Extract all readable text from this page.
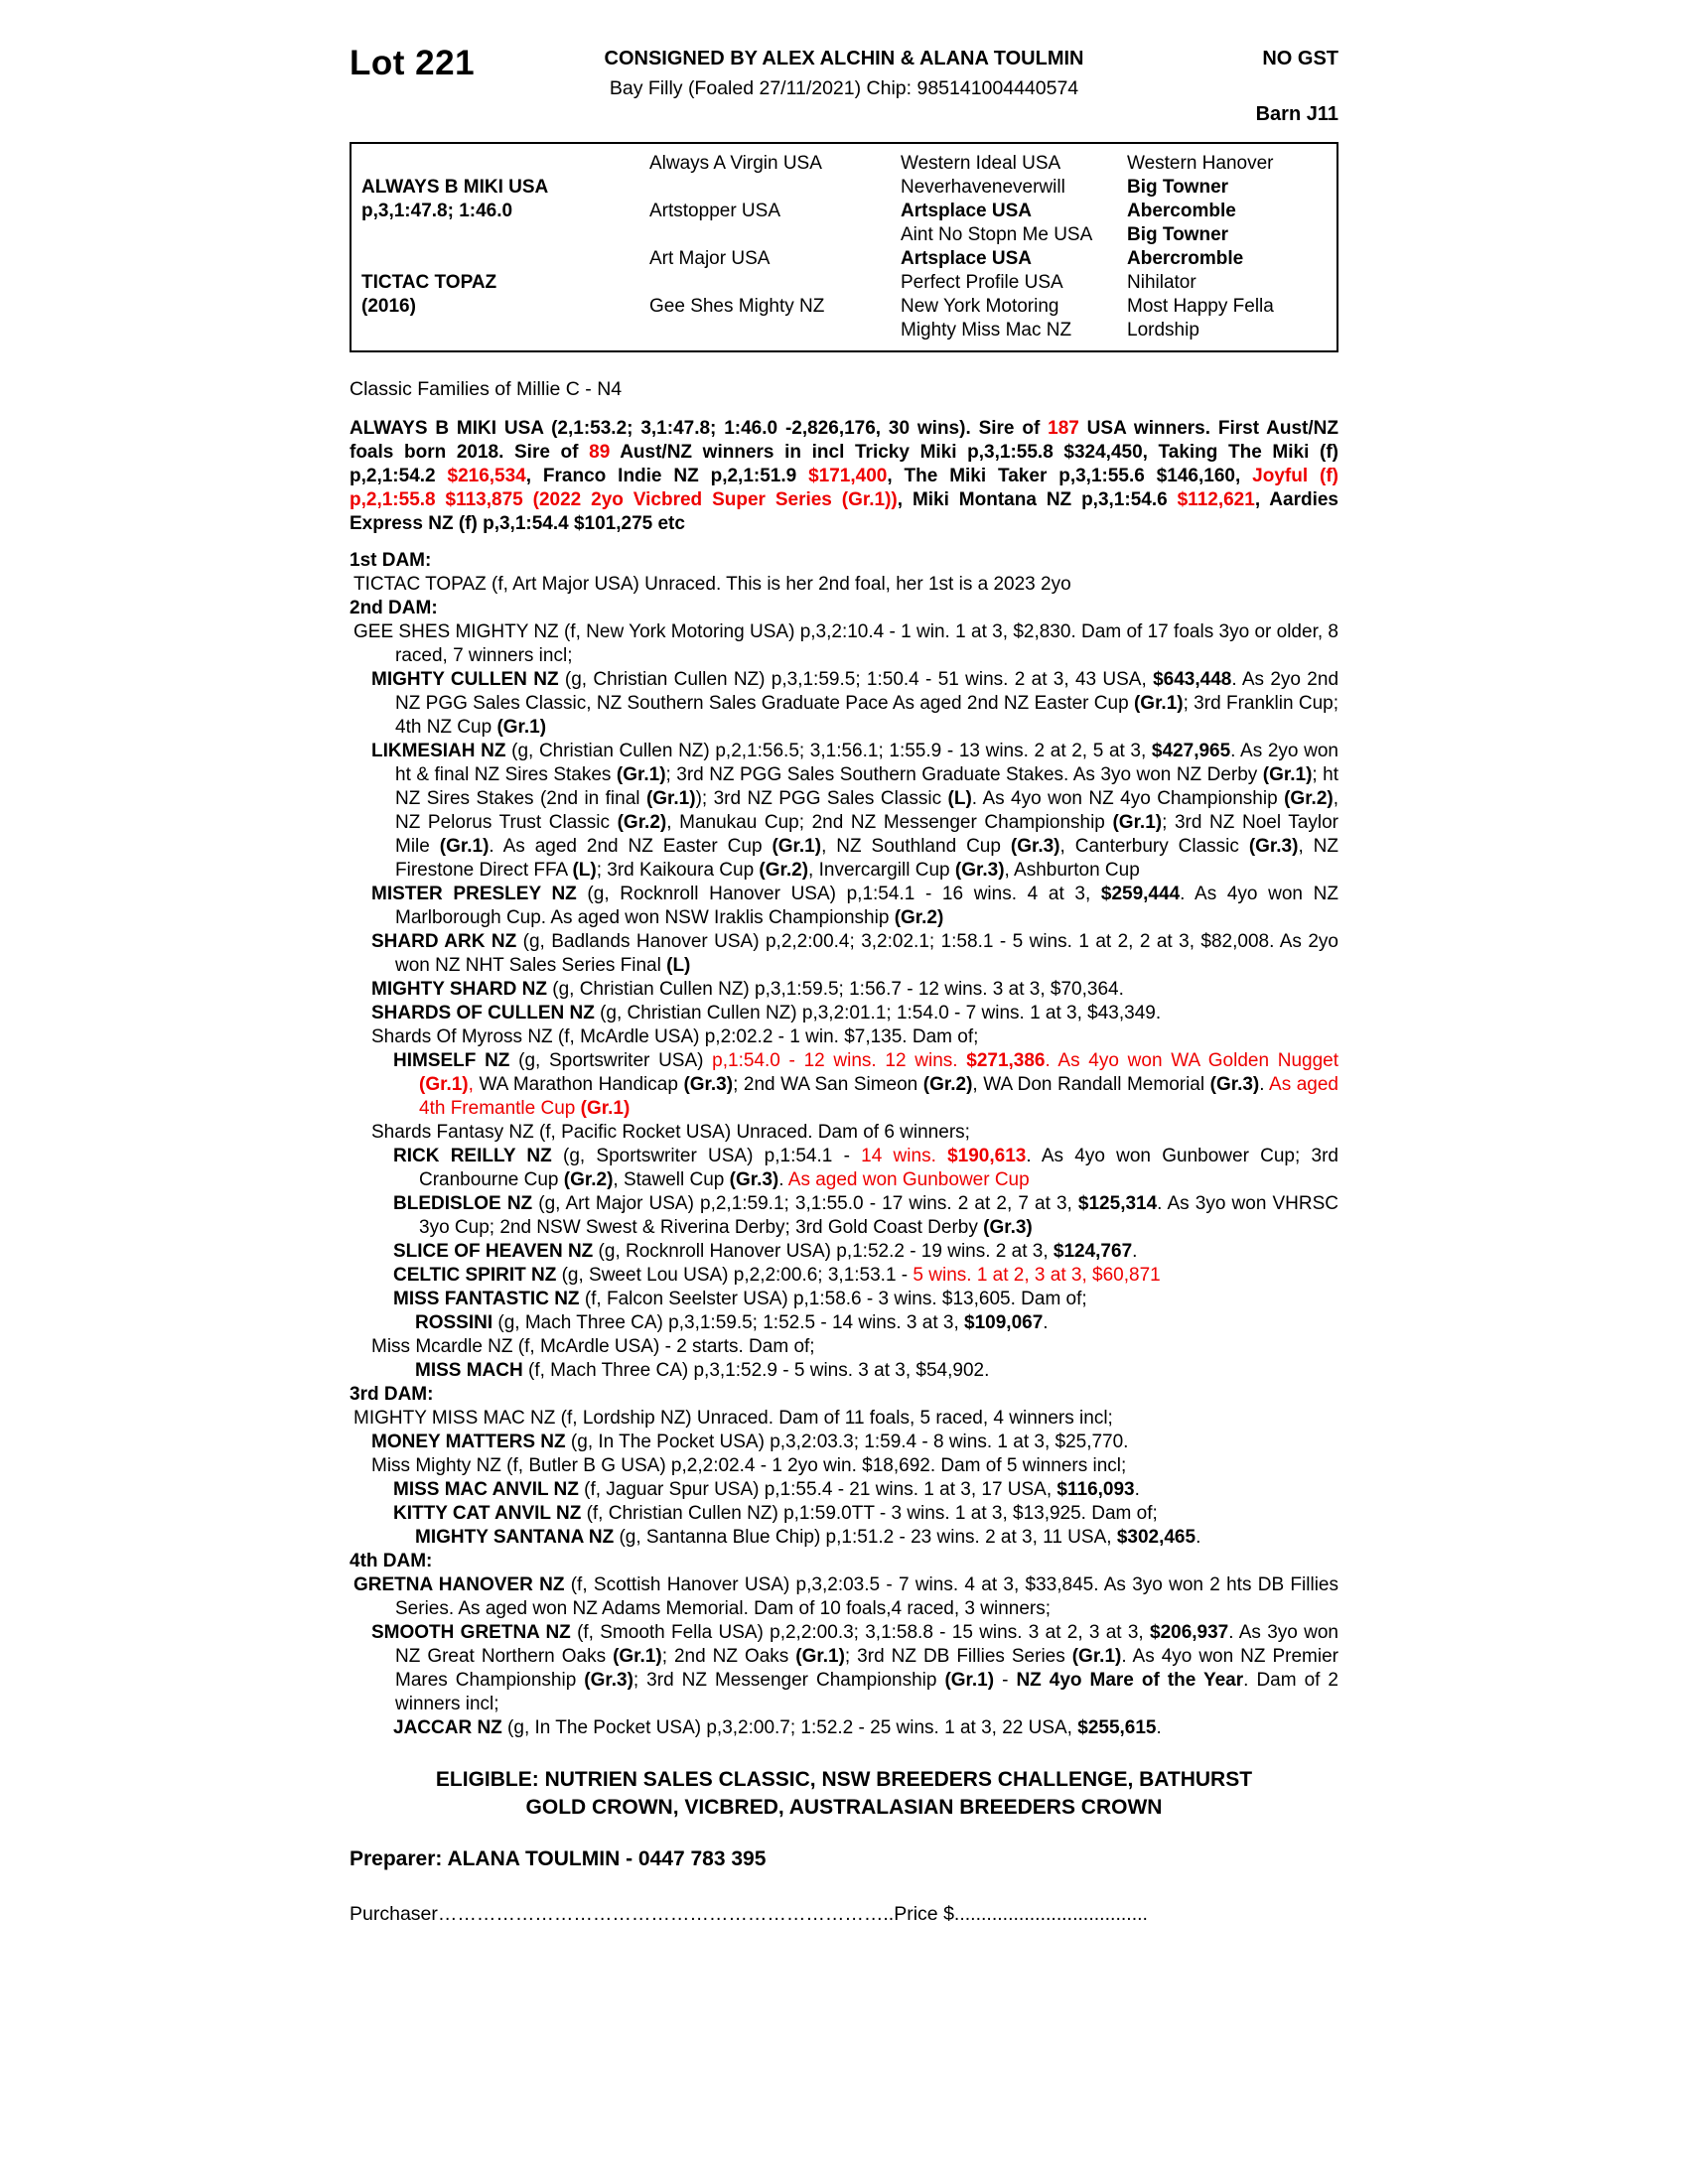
Lot 221	CONSIGNED BY ALEX ALCHIN & ALANA TOULMIN
Bay Filly (Foaled 27/11/2021) Chip: 985141004440574
NO GST
Barn J11
ALWAYS B MIKI USA
p,3,1:47.8; 1:46.0
TICTAC TOPAZ
(2016)
Always A Virgin USA
Artstopper USA
Art Major USA
Gee Shes Mighty NZ
Western Ideal USA
Neverhaveneverwill
Artsplace USA
Aint No Stopn Me USA
Artsplace USA
Perfect Profile USA
New York Motoring
Mighty Miss Mac NZ
Western Hanover
Big Towner
Abercomble
Big Towner
Abercromble
Nihilator
Most Happy Fella
Lordship
Classic Families of Millie C - N4
ALWAYS B MIKI USA (2,1:53.2; 3,1:47.8; 1:46.0 -2,826,176, 30 wins). Sire of 187 USA winners. First Aust/NZ foals born 2018. Sire of 89 Aust/NZ winners in incl Tricky Miki p,3,1:55.8 $324,450, Taking The Miki (f) p,2,1:54.2 $216,534, Franco Indie NZ p,2,1:51.9 $171,400, The Miki Taker p,3,1:55.6 $146,160, Joyful (f) p,2,1:55.8 $113,875 (2022 2yo Vicbred Super Series (Gr.1)), Miki Montana NZ p,3,1:54.6 $112,621, Aardies Express NZ (f) p,3,1:54.4 $101,275 etc
1st DAM:
TICTAC TOPAZ (f, Art Major USA) Unraced. This is her 2nd foal, her 1st is a 2023 2yo
2nd DAM:
GEE SHES MIGHTY NZ (f, New York Motoring USA) p,3,2:10.4 - 1 win. 1 at 3, $2,830. Dam of 17 foals 3yo or older, 8 raced, 7 winners incl;
MIGHTY CULLEN NZ (g, Christian Cullen NZ) p,3,1:59.5; 1:50.4 - 51 wins. 2 at 3, 43 USA, $643,448. As 2yo 2nd NZ PGG Sales Classic, NZ Southern Sales Graduate Pace As aged 2nd NZ Easter Cup (Gr.1); 3rd Franklin Cup; 4th NZ Cup (Gr.1)
LIKMESIAH NZ (g, Christian Cullen NZ) p,2,1:56.5; 3,1:56.1; 1:55.9 - 13 wins. 2 at 2, 5 at 3, $427,965. As 2yo won ht & final NZ Sires Stakes (Gr.1); 3rd NZ PGG Sales Southern Graduate Stakes. As 3yo won NZ Derby (Gr.1); ht NZ Sires Stakes (2nd in final (Gr.1)); 3rd NZ PGG Sales Classic (L). As 4yo won NZ 4yo Championship (Gr.2), NZ Pelorus Trust Classic (Gr.2), Manukau Cup; 2nd NZ Messenger Championship (Gr.1); 3rd NZ Noel Taylor Mile (Gr.1). As aged 2nd NZ Easter Cup (Gr.1), NZ Southland Cup (Gr.3), Canterbury Classic (Gr.3), NZ Firestone Direct FFA (L); 3rd Kaikoura Cup (Gr.2), Invercargill Cup (Gr.3), Ashburton Cup
MISTER PRESLEY NZ (g, Rocknroll Hanover USA) p,1:54.1 - 16 wins. 4 at 3, $259,444. As 4yo won NZ Marlborough Cup. As aged won NSW Iraklis Championship (Gr.2)
SHARD ARK NZ (g, Badlands Hanover USA) p,2,2:00.4; 3,2:02.1; 1:58.1 - 5 wins. 1 at 2, 2 at 3, $82,008. As 2yo won NZ NHT Sales Series Final (L)
MIGHTY SHARD NZ (g, Christian Cullen NZ) p,3,1:59.5; 1:56.7 - 12 wins. 3 at 3, $70,364.
SHARDS OF CULLEN NZ (g, Christian Cullen NZ) p,3,2:01.1; 1:54.0 - 7 wins. 1 at 3, $43,349.
Shards Of Myross NZ (f, McArdle USA) p,2:02.2 - 1 win. $7,135. Dam of;
HIMSELF NZ (g, Sportswriter USA) p,1:54.0 - 12 wins. 12 wins. $271,386. As 4yo won WA Golden Nugget (Gr.1), WA Marathon Handicap (Gr.3); 2nd WA San Simeon (Gr.2), WA Don Randall Memorial (Gr.3). As aged 4th Fremantle Cup (Gr.1)
Shards Fantasy NZ (f, Pacific Rocket USA) Unraced. Dam of 6 winners;
RICK REILLY NZ (g, Sportswriter USA) p,1:54.1 - 14 wins. $190,613. As 4yo won Gunbower Cup; 3rd Cranbourne Cup (Gr.2), Stawell Cup (Gr.3). As aged won Gunbower Cup
BLEDISLOE NZ (g, Art Major USA) p,2,1:59.1; 3,1:55.0 - 17 wins. 2 at 2, 7 at 3, $125,314. As 3yo won VHRSC 3yo Cup; 2nd NSW Swest & Riverina Derby; 3rd Gold Coast Derby (Gr.3)
SLICE OF HEAVEN NZ (g, Rocknroll Hanover USA) p,1:52.2 - 19 wins. 2 at 3, $124,767.
CELTIC SPIRIT NZ (g, Sweet Lou USA) p,2,2:00.6; 3,1:53.1 - 5 wins. 1 at 2, 3 at 3, $60,871
MISS FANTASTIC NZ (f, Falcon Seelster USA) p,1:58.6 - 3 wins. $13,605. Dam of;
ROSSINI (g, Mach Three CA) p,3,1:59.5; 1:52.5 - 14 wins. 3 at 3, $109,067.
Miss Mcardle NZ (f, McArdle USA) - 2 starts. Dam of;
MISS MACH (f, Mach Three CA) p,3,1:52.9 - 5 wins. 3 at 3, $54,902.
3rd DAM:
MIGHTY MISS MAC NZ (f, Lordship NZ) Unraced. Dam of 11 foals, 5 raced, 4 winners incl;
MONEY MATTERS NZ (g, In The Pocket USA) p,3,2:03.3; 1:59.4 - 8 wins. 1 at 3, $25,770.
Miss Mighty NZ (f, Butler B G USA) p,2,2:02.4 - 1 2yo win. $18,692. Dam of 5 winners incl;
MISS MAC ANVIL NZ (f, Jaguar Spur USA) p,1:55.4 - 21 wins. 1 at 3, 17 USA, $116,093.
KITTY CAT ANVIL NZ (f, Christian Cullen NZ) p,1:59.0TT - 3 wins. 1 at 3, $13,925. Dam of;
MIGHTY SANTANA NZ (g, Santanna Blue Chip) p,1:51.2 - 23 wins. 2 at 3, 11 USA, $302,465.
4th DAM:
GRETNA HANOVER NZ (f, Scottish Hanover USA) p,3,2:03.5 - 7 wins. 4 at 3, $33,845. As 3yo won 2 hts DB Fillies Series. As aged won NZ Adams Memorial. Dam of 10 foals,4 raced, 3 winners;
SMOOTH GRETNA NZ (f, Smooth Fella USA) p,2,2:00.3; 3,1:58.8 - 15 wins. 3 at 2, 3 at 3, $206,937. As 3yo won NZ Great Northern Oaks (Gr.1); 2nd NZ Oaks (Gr.1); 3rd NZ DB Fillies Series (Gr.1). As 4yo won NZ Premier Mares Championship (Gr.3); 3rd NZ Messenger Championship (Gr.1) - NZ 4yo Mare of the Year. Dam of 2 winners incl;
JACCAR NZ (g, In The Pocket USA) p,3,2:00.7; 1:52.2 - 25 wins. 1 at 3, 22 USA, $255,615.
ELIGIBLE: NUTRIEN SALES CLASSIC, NSW BREEDERS CHALLENGE, BATHURST
GOLD CROWN, VICBRED, AUSTRALASIAN BREEDERS CROWN
Preparer: ALANA TOULMIN - 0447 783 395
Purchaser……………………………………………………………..Price $....................................
